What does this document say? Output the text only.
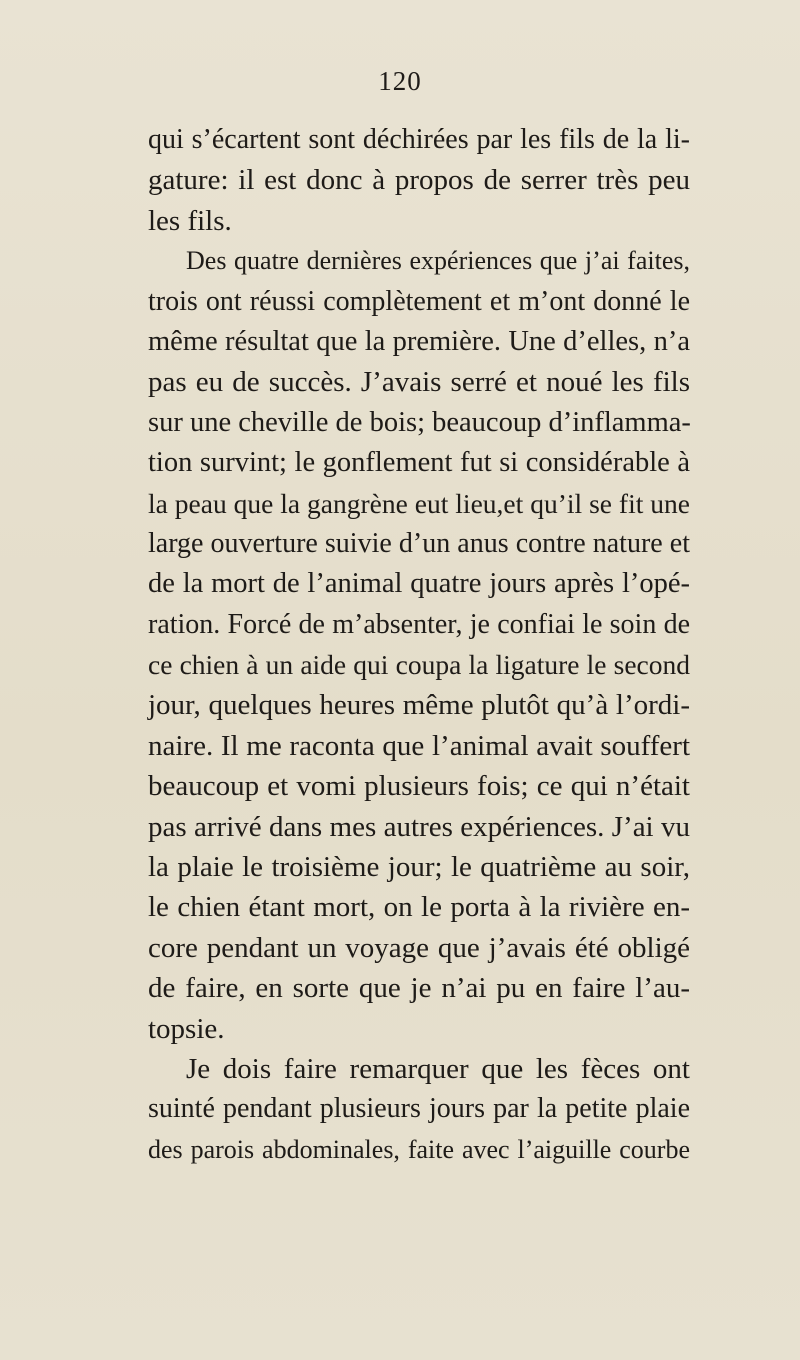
120
qui s’écartent sont déchirées par les fils de la li-
gature: il est donc à propos de serrer très peu
les fils.
Des quatre dernières expériences que j’ai faites,
trois ont réussi complètement et m’ont donné le
même résultat que la première. Une d’elles, n’a
pas eu de succès. J’avais serré et noué les fils
sur une cheville de bois; beaucoup d’inflamma-
tion survint; le gonflement fut si considérable à
la peau que la gangrène eut lieu,et qu’il se fit une
large ouverture suivie d’un anus contre nature et
de la mort de l’animal quatre jours après l’opé-
ration. Forcé de m’absenter, je confiai le soin de
ce chien à un aide qui coupa la ligature le second
jour, quelques heures même plutôt qu’à l’ordi-
naire. Il me raconta que l’animal avait souffert
beaucoup et vomi plusieurs fois; ce qui n’était
pas arrivé dans mes autres expériences. J’ai vu
la plaie le troisième jour; le quatrième au soir,
le chien étant mort, on le porta à la rivière en-
core pendant un voyage que j’avais été obligé
de faire, en sorte que je n’ai pu en faire l’au-
topsie.
Je dois faire remarquer que les fèces ont
suinté pendant plusieurs jours par la petite plaie
des parois abdominales, faite avec l’aiguille courbe
